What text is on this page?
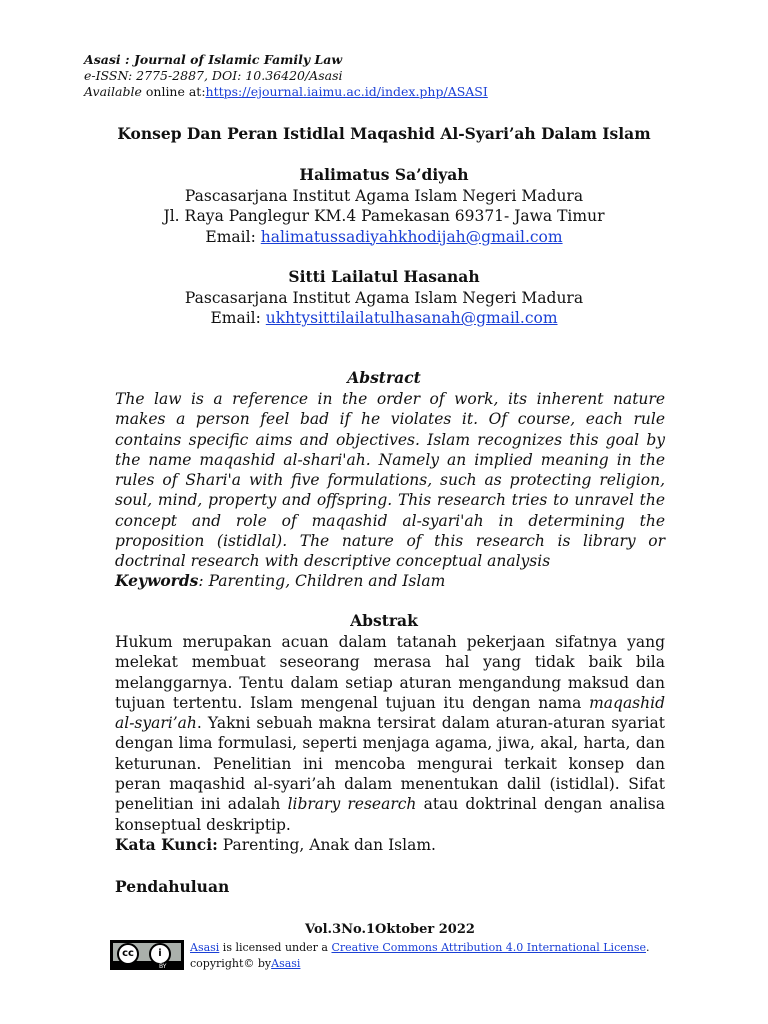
Asasi : Journal of Islamic Family Law
e-ISSN: 2775-2887, DOI: 10.36420/Asasi
Available online at:https://ejournal.iaimu.ac.id/index.php/ASASI
Konsep Dan Peran Istidlal Maqashid Al-Syari’ah Dalam Islam
Halimatus Sa’diyah
Pascasarjana Institut Agama Islam Negeri Madura
Jl. Raya Panglegur KM.4 Pamekasan 69371- Jawa Timur
Email: halimatussadiyahkhodijah@gmail.com
Sitti Lailatul Hasanah
Pascasarjana Institut Agama Islam Negeri Madura
Email: ukhtysittilailatulhasanah@gmail.com
Abstract
The law is a reference in the order of work, its inherent nature makes a person feel bad if he violates it. Of course, each rule contains specific aims and objectives. Islam recognizes this goal by the name maqashid al-shari'ah. Namely an implied meaning in the rules of Shari'a with five formulations, such as protecting religion, soul, mind, property and offspring. This research tries to unravel the concept and role of maqashid al-syari'ah in determining the proposition (istidlal). The nature of this research is library or doctrinal research with descriptive conceptual analysis
Keywords: Parenting, Children and Islam
Abstrak
Hukum merupakan acuan dalam tatanah pekerjaan sifatnya yang melekat membuat seseorang merasa hal yang tidak baik bila melanggarnya. Tentu dalam setiap aturan mengandung maksud dan tujuan tertentu. Islam mengenal tujuan itu dengan nama maqashid al-syari’ah. Yakni sebuah makna tersirat dalam aturan-aturan syariat dengan lima formulasi, seperti menjaga agama, jiwa, akal, harta, dan keturunan. Penelitian ini mencoba mengurai terkait konsep dan peran maqashid al-syari’ah dalam menentukan dalil (istidlal). Sifat penelitian ini adalah library research atau doktrinal dengan analisa konseptual deskriptip.
Kata Kunci: Parenting, Anak dan Islam.
Pendahuluan
Vol.3No.1Oktober 2022
cc	i
BY
Asasi is licensed under a Creative Commons Attribution 4.0 International License.
copyright© byAsasi
